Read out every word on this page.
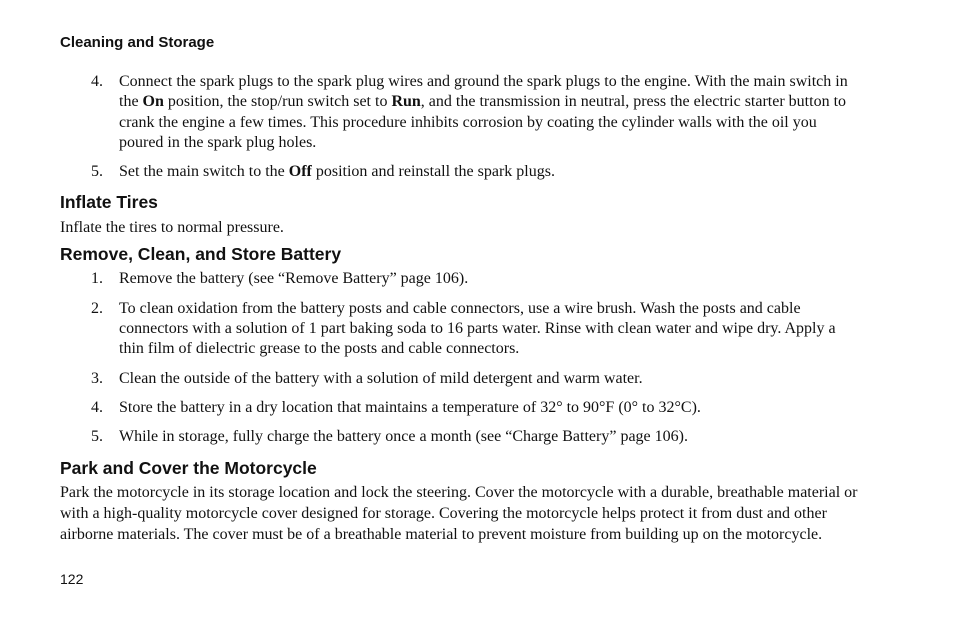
Cleaning and Storage
4.	Connect the spark plugs to the spark plug wires and ground the spark plugs to the engine. With the main switch in the On position, the stop/run switch set to Run, and the transmission in neutral, press the electric starter button to crank the engine a few times. This procedure inhibits corrosion by coating the cylinder walls with the oil you poured in the spark plug holes.
5.	Set the main switch to the Off position and reinstall the spark plugs.
Inflate Tires

Inflate the tires to normal pressure.

Remove, Clean, and Store Battery
1.	Remove the battery (see “Remove Battery” page 106).
2.	To clean oxidation from the battery posts and cable connectors, use a wire brush. Wash the posts and cable connectors with a solution of 1 part baking soda to 16 parts water. Rinse with clean water and wipe dry. Apply a thin film of dielectric grease to the posts and cable connectors.
3.	Clean the outside of the battery with a solution of mild detergent and warm water.
4.	Store the battery in a dry location that maintains a temperature of 32° to 90°F (0° to 32°C).
5.	While in storage, fully charge the battery once a month (see “Charge Battery” page 106).
Park and Cover the Motorcycle

Park the motorcycle in its storage location and lock the steering. Cover the motorcycle with a durable, breathable material or with a high‑quality motorcycle cover designed for storage. Covering the motorcycle helps protect it from dust and other airborne materials. The cover must be of a breathable material to prevent moisture from building up on the motorcycle.

122
